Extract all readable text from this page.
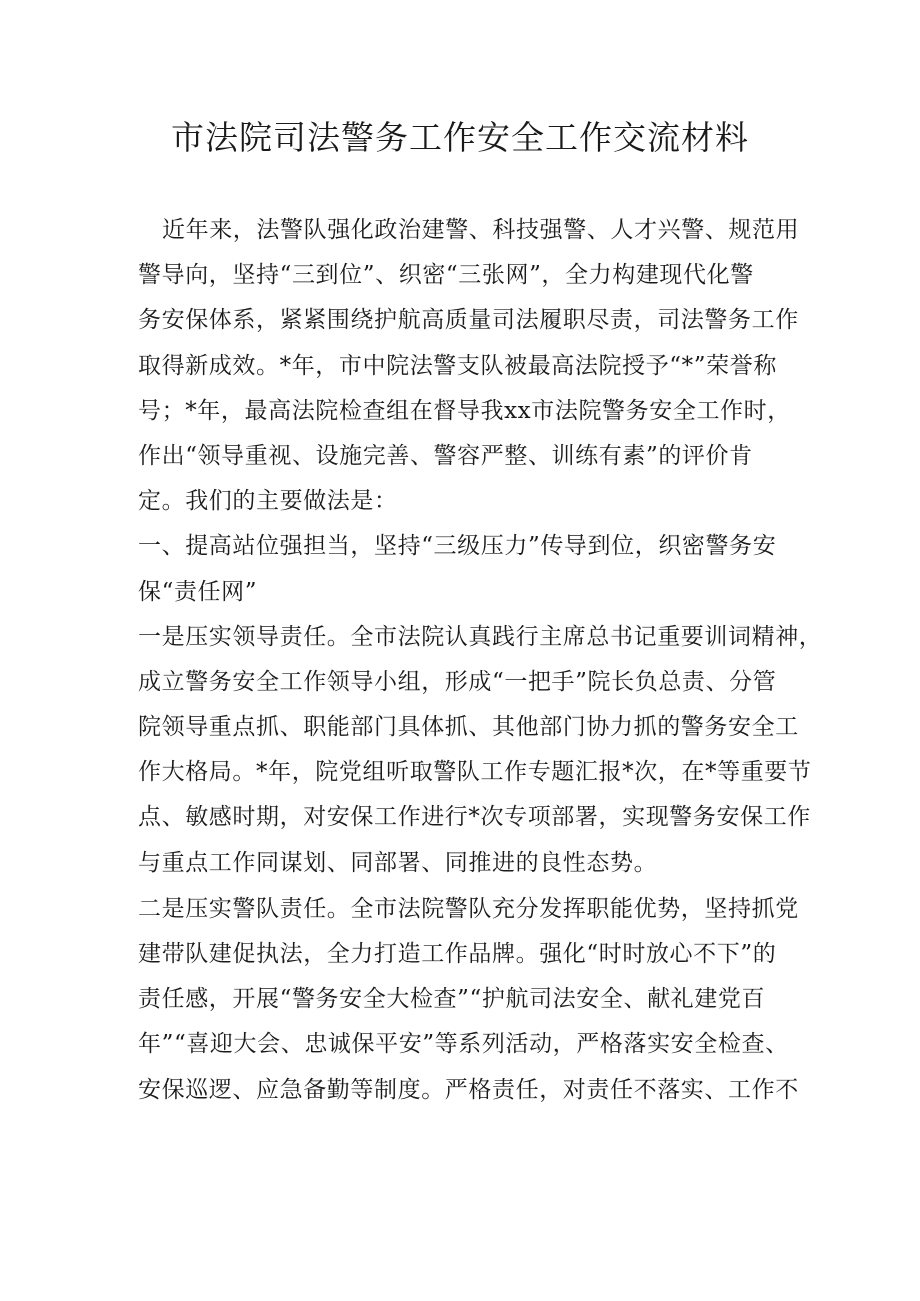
市法院司法警务工作安全工作交流材料
近年来，法警队强化政治建警、科技强警、人才兴警、规范用
警导向，坚持“三到位”、织密“三张网”，全力构建现代化警
务安保体系，紧紧围绕护航高质量司法履职尽责，司法警务工作
取得新成效。*年，市中院法警支队被最高法院授予“*”荣誉称
号；*年，最高法院检查组在督导我xx市法院警务安全工作时，
作出“领导重视、设施完善、警容严整、训练有素”的评价肯
定。我们的主要做法是：
一、提高站位强担当，坚持“三级压力”传导到位，织密警务安
保“责任网”
一是压实领导责任。全市法院认真践行主席总书记重要训词精神，
成立警务安全工作领导小组，形成“一把手”院长负总责、分管
院领导重点抓、职能部门具体抓、其他部门协力抓的警务安全工
作大格局。*年，院党组听取警队工作专题汇报*次，在*等重要节
点、敏感时期，对安保工作进行*次专项部署，实现警务安保工作
与重点工作同谋划、同部署、同推进的良性态势。
二是压实警队责任。全市法院警队充分发挥职能优势，坚持抓党
建带队建促执法，全力打造工作品牌。强化“时时放心不下”的
责任感，开展“警务安全大检查”“护航司法安全、献礼建党百
年”“喜迎大会、忠诚保平安”等系列活动，严格落实安全检查、
安保巡逻、应急备勤等制度。严格责任，对责任不落实、工作不
